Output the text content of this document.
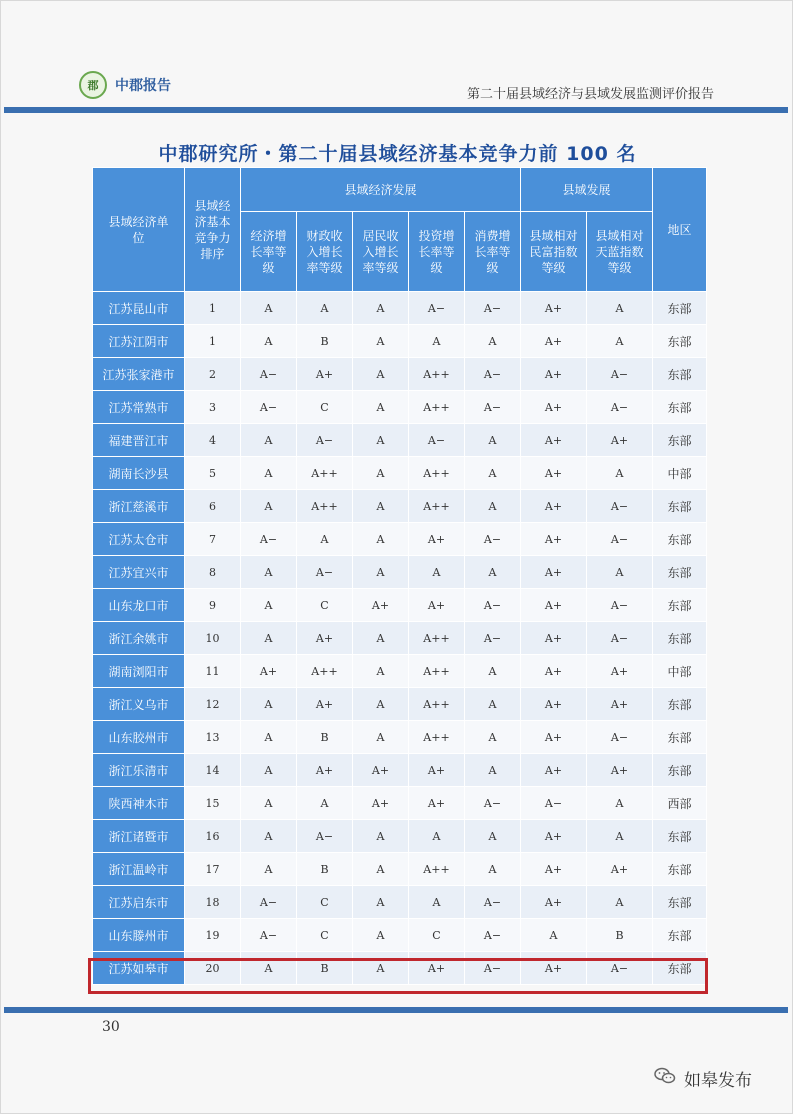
郡	中郡报告
第二十届县域经济与县域发展监测评价报告
中郡研究所・第二十届县域经济基本竞争力前 100 名
县域经济单位	县域经济基本竞争力排序	县域经济发展					县域发展		地区
		经济增长率等级	财政收入增长率等级	居民收入增长率等级	投资增长率等级	消费增长率等级	县域相对民富指数等级	县域相对天蓝指数等级	
江苏昆山市	1	A	A	A	A−	A−	A+	A	东部
江苏江阴市	1	A	B	A	A	A	A+	A	东部
江苏张家港市	2	A−	A+	A	A++	A−	A+	A−	东部
江苏常熟市	3	A−	C	A	A++	A−	A+	A−	东部
福建晋江市	4	A	A−	A	A−	A	A+	A+	东部
湖南长沙县	5	A	A++	A	A++	A	A+	A	中部
浙江慈溪市	6	A	A++	A	A++	A	A+	A−	东部
江苏太仓市	7	A−	A	A	A+	A−	A+	A−	东部
江苏宜兴市	8	A	A−	A	A	A	A+	A	东部
山东龙口市	9	A	C	A+	A+	A−	A+	A−	东部
浙江余姚市	10	A	A+	A	A++	A−	A+	A−	东部
湖南浏阳市	11	A+	A++	A	A++	A	A+	A+	中部
浙江义乌市	12	A	A+	A	A++	A	A+	A+	东部
山东胶州市	13	A	B	A	A++	A	A+	A−	东部
浙江乐清市	14	A	A+	A+	A+	A	A+	A+	东部
陕西神木市	15	A	A	A+	A+	A−	A−	A	西部
浙江诸暨市	16	A	A−	A	A	A	A+	A	东部
浙江温岭市	17	A	B	A	A++	A	A+	A+	东部
江苏启东市	18	A−	C	A	A	A−	A+	A	东部
山东滕州市	19	A−	C	A	C	A−	A	B	东部
江苏如皋市	20	A	B	A	A+	A−	A+	A−	东部
30
如皋发布
